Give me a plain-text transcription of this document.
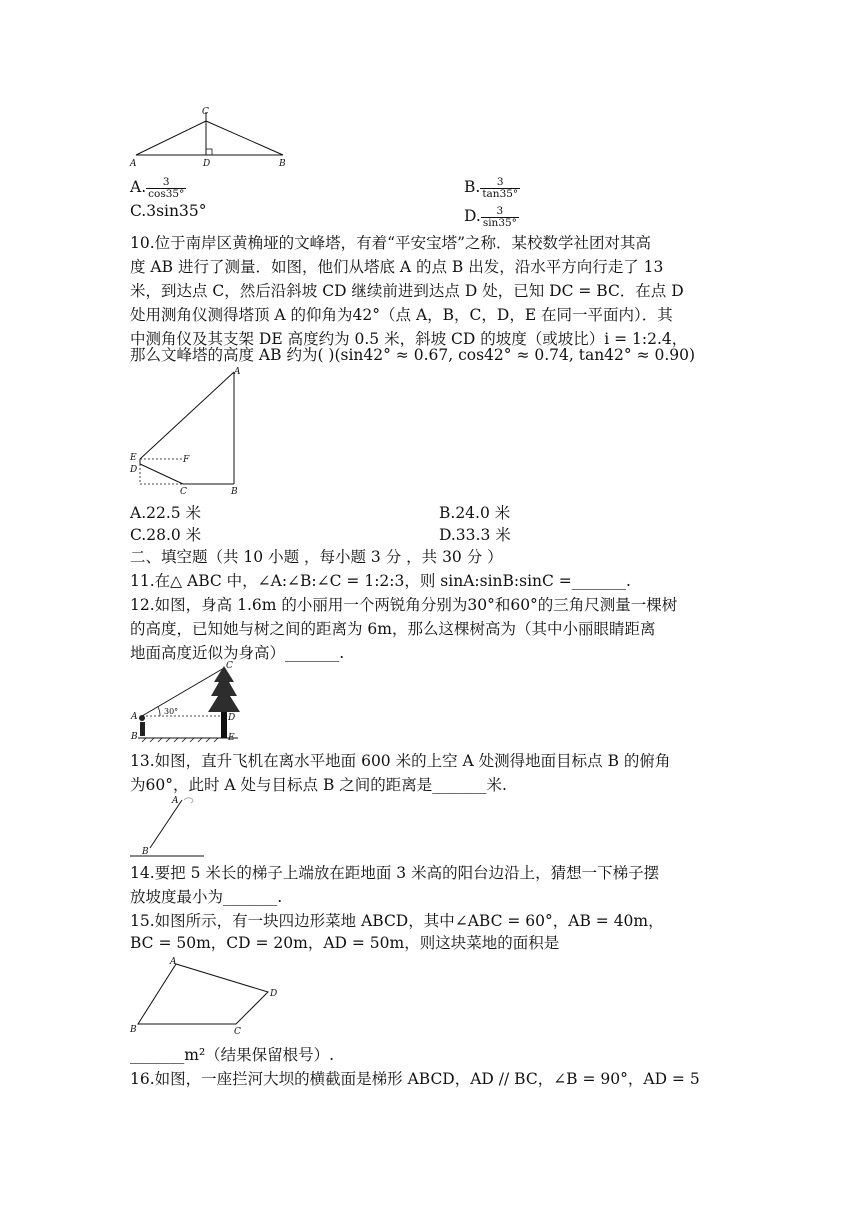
C
A	D	B
A. $\frac{3}{\cos 35^\circ}$	B. $\frac{3}{\tan 35^\circ}$
C.3sin35°	D. $\frac{3}{\sin 35^\circ}$
10.位于南岸区黄桷垭的文峰塔，有着“平安宝塔”之称．某校数学社团对其高
度 AB 进行了测量．如图，他们从塔底 A 的点 B 出发，沿水平方向行走了 13
米，到达点 C，然后沿斜坡 CD 继续前进到达点 D 处，已知 DC = BC．在点 D
处用测角仪测得塔顶 A 的仰角为42°（点 A，B，C，D，E 在同一平面内）．其
中测角仪及其支架 DE 高度约为 0.5 米，斜坡 CD 的坡度（或坡比）i = 1:2.4，
那么文峰塔的高度 AB 约为( )(sin42° ≈ 0.67, cos42° ≈ 0.74, tan42° ≈ 0.90)
A
E
D
F
C	B
A.22.5 米	B.24.0 米
C.28.0 米	D.33.3 米
二、填空题（共 10 小题 ，每小题 3 分 ，共 30 分 ）
11.在△ ABC 中，∠A:∠B:∠C = 1:2:3，则 sinA:sinB:sinC =_______.
12.如图，身高 1.6m 的小丽用一个两锐角分别为30°和60°的三角尺测量一棵树
的高度，已知她与树之间的距离为 6m，那么这棵树高为（其中小丽眼睛距离
地面高度近似为身高）_______.
30°
C
A	D
B	E
13.如图，直升飞机在离水平地面 600 米的上空 A 处测得地面目标点 B 的俯角
为60°，此时 A 处与目标点 B 之间的距离是_______米.
A
B
14.要把 5 米长的梯子上端放在距地面 3 米高的阳台边沿上，猜想一下梯子摆
放坡度最小为_______.
15.如图所示，有一块四边形菜地 ABCD，其中∠ABC = 60°，AB = 40m，
BC = 50m，CD = 20m，AD = 50m，则这块菜地的面积是
A
D
B	C
_______m²（结果保留根号）.
16.如图，一座拦河大坝的横截面是梯形 ABCD，AD // BC，∠B = 90°，AD = 5
